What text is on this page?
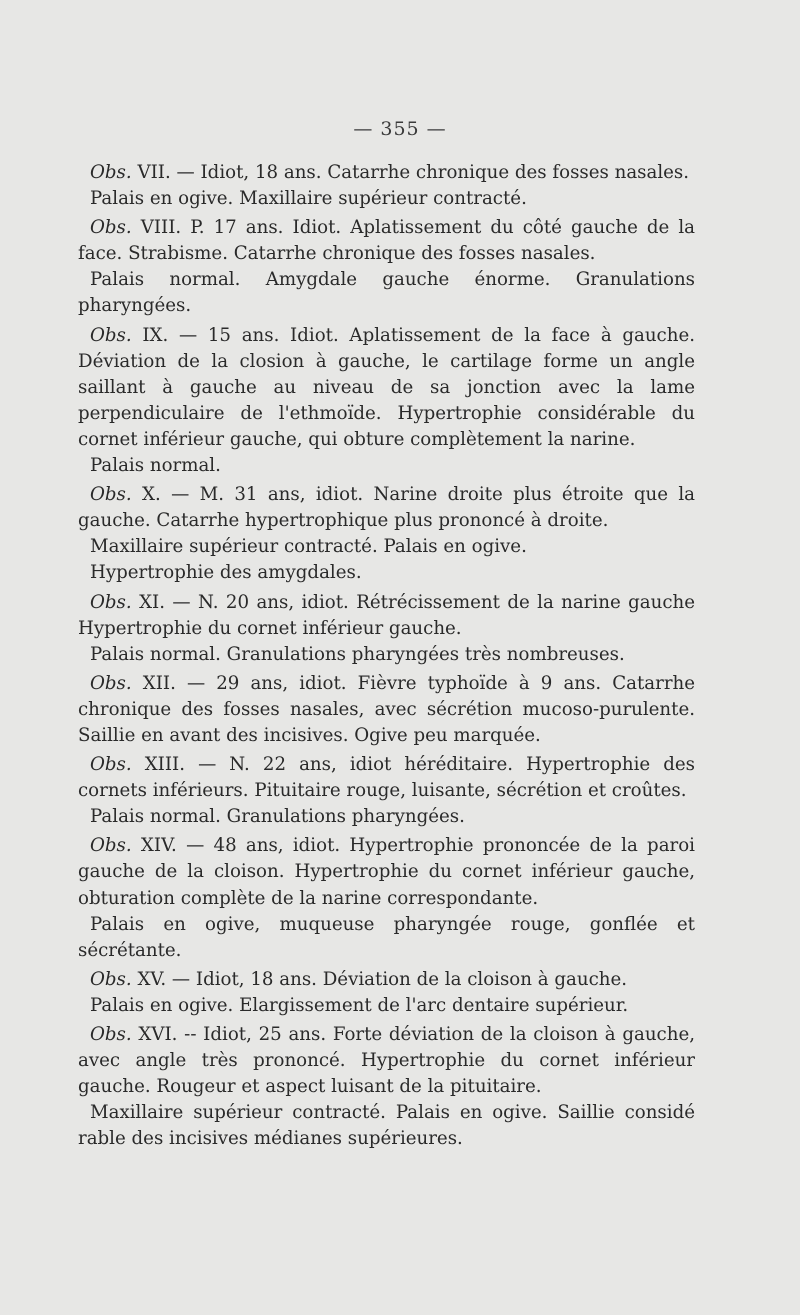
— 355 —

Obs. VII. — Idiot, 18 ans. Catarrhe chronique des fosses nasales.

Palais en ogive. Maxillaire supérieur contracté.

Obs. VIII. P. 17 ans. Idiot. Aplatissement du côté gauche de la face. Strabisme. Catarrhe chronique des fosses nasales.

Palais normal. Amygdale gauche énorme. Granulations pharyngées.

Obs. IX. — 15 ans. Idiot. Aplatissement de la face à gauche. Déviation de la closion à gauche, le cartilage forme un angle saillant à gauche au niveau de sa jonction avec la lame perpendiculaire de l'ethmoïde. Hypertrophie considérable du cornet inférieur gauche, qui obture complètement la narine.

Palais normal.

Obs. X. — M. 31 ans, idiot. Narine droite plus étroite que la gauche. Catarrhe hypertrophique plus prononcé à droite.

Maxillaire supérieur contracté. Palais en ogive.

Hypertrophie des amygdales.

Obs. XI. — N. 20 ans, idiot. Rétrécissement de la narine gauche Hypertrophie du cornet inférieur gauche.

Palais normal. Granulations pharyngées très nombreuses.

Obs. XII. — 29 ans, idiot. Fièvre typhoïde à 9 ans. Catarrhe chronique des fosses nasales, avec sécrétion mucoso-purulente. Saillie en avant des incisives. Ogive peu marquée.

Obs. XIII. — N. 22 ans, idiot héréditaire. Hypertrophie des cornets inférieurs. Pituitaire rouge, luisante, sécrétion et croûtes.

Palais normal. Granulations pharyngées.

Obs. XIV. — 48 ans, idiot. Hypertrophie prononcée de la paroi gauche de la cloison. Hypertrophie du cornet inférieur gauche, obturation complète de la narine correspondante.

Palais en ogive, muqueuse pharyngée rouge, gonflée et sécrétante.

Obs. XV. — Idiot, 18 ans. Déviation de la cloison à gauche.

Palais en ogive. Elargissement de l'arc dentaire supérieur.

Obs. XVI. -- Idiot, 25 ans. Forte déviation de la cloison à gauche, avec angle très prononcé. Hypertrophie du cornet inférieur gauche. Rougeur et aspect luisant de la pituitaire.

Maxillaire supérieur contracté. Palais en ogive. Saillie considé rable des incisives médianes supérieures.
